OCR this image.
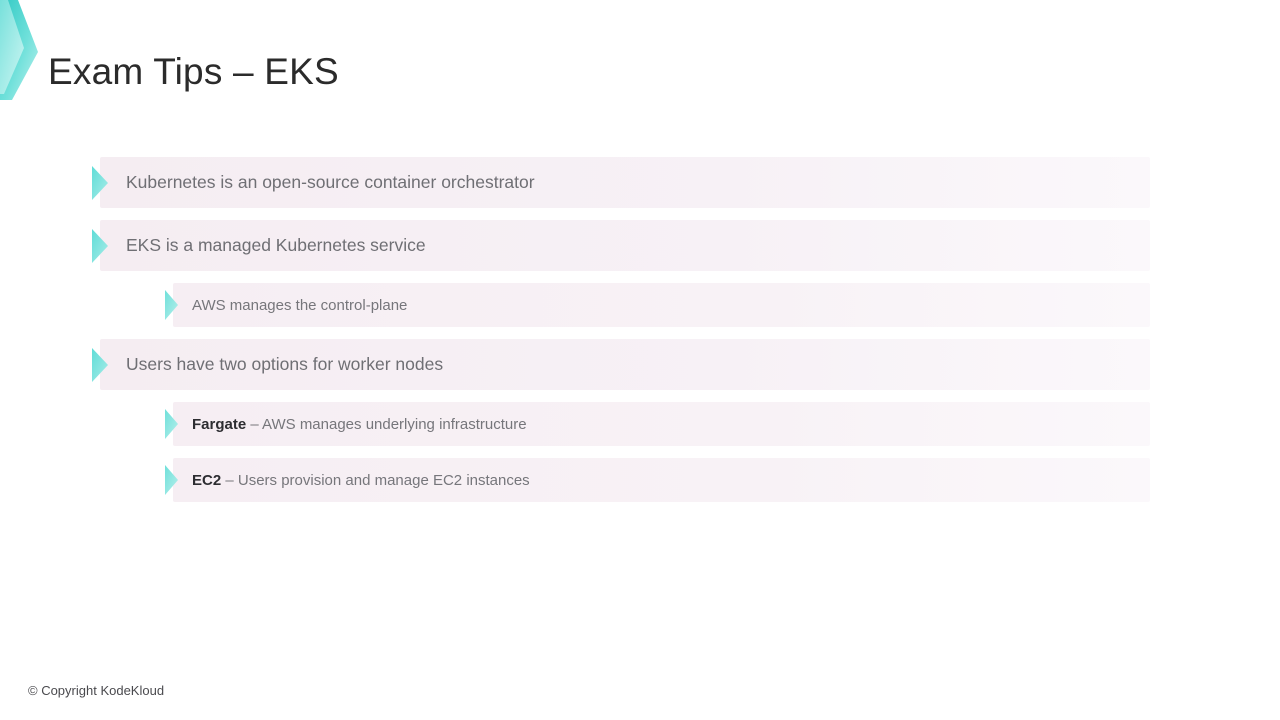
Exam Tips – EKS
Kubernetes is an open-source container orchestrator
EKS is a managed Kubernetes service
AWS manages the control-plane
Users have two options for worker nodes
Fargate – AWS manages underlying infrastructure
EC2 – Users provision and manage EC2 instances
© Copyright KodeKloud
